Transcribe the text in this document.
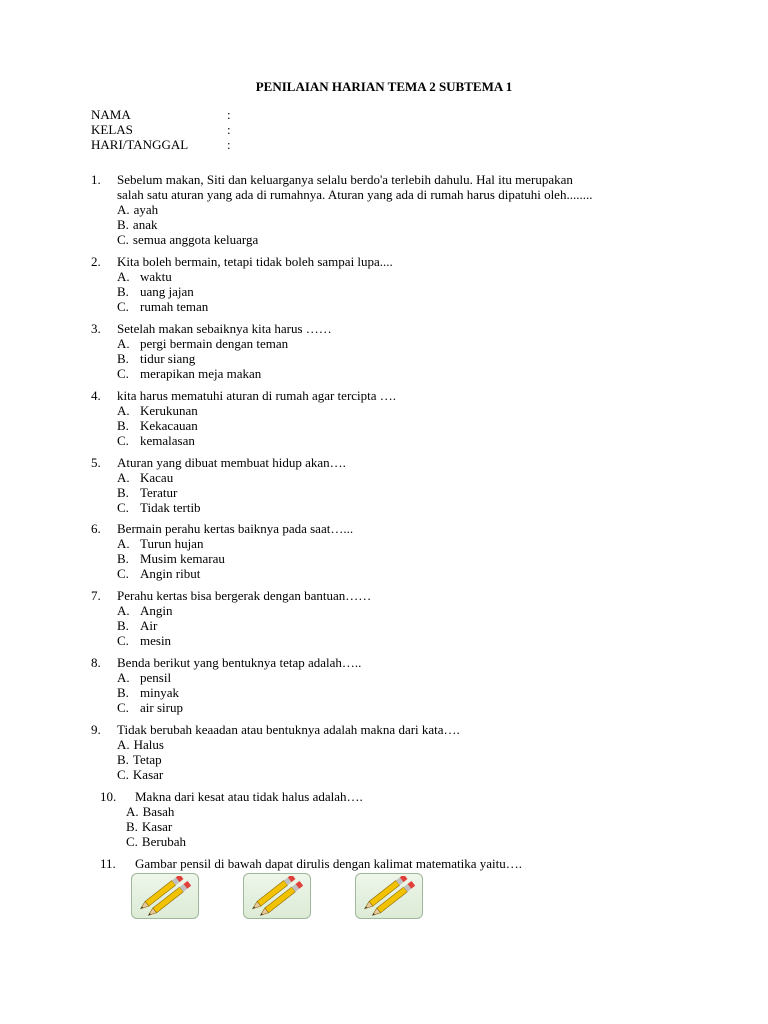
PENILAIAN HARIAN TEMA 2 SUBTEMA 1
NAMA	:
KELAS	:
HARI/TANGGAL	:
1. Sebelum makan, Siti dan keluarganya selalu berdo'a terlebih dahulu. Hal itu merupakan
salah satu aturan yang ada di rumahnya. Aturan yang ada di rumah harus dipatuhi oleh........
A. ayah
B. anak
C. semua anggota keluarga
2. Kita boleh bermain, tetapi tidak boleh sampai lupa....
A. waktu
B. uang jajan
C. rumah teman
3. Setelah makan sebaiknya kita harus ……
A. pergi bermain dengan teman
B. tidur siang
C. merapikan meja makan
4. kita harus mematuhi aturan di rumah agar tercipta ….
A. Kerukunan
B. Kekacauan
C. kemalasan
5. Aturan yang dibuat membuat hidup akan….
A. Kacau
B. Teratur
C. Tidak tertib
6. Bermain perahu kertas baiknya pada saat…...
A. Turun hujan
B. Musim kemarau
C. Angin ribut
7. Perahu kertas bisa bergerak dengan bantuan……
A. Angin
B. Air
C. mesin
8. Benda berikut yang bentuknya tetap adalah…..
A. pensil
B. minyak
C. air sirup
9. Tidak berubah keaadan atau bentuknya adalah makna dari kata….
A. Halus
B. Tetap
C. Kasar
10. Makna dari kesat atau tidak halus adalah….
A. Basah
B. Kasar
C. Berubah
11. Gambar pensil di bawah dapat dirulis dengan kalimat matematika yaitu….
